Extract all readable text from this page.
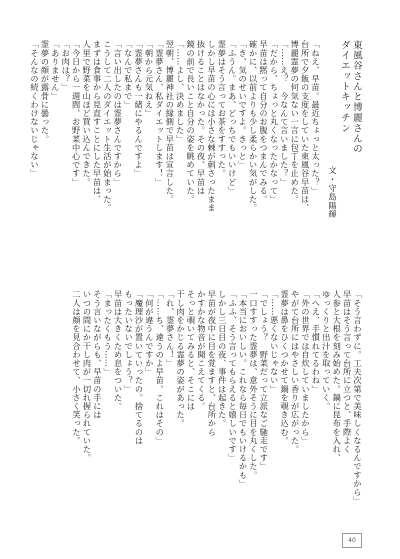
東風谷さんと博麗さんの
ダイエットキッチン
文・守島陽輝
「ねえ、早苗。最近ちょっと太った？」
台所で夕飯の支度をしていた東風谷早苗は、
博麗霊夢の何気ない一言に包丁を止めた。
「……え？　今なんて言いました？」
「だから、ちょっと丸くなったかなって」
早苗は黙って自分のお腹をつまんでみる。
確かに、以前よりも少し柔らかい気がした。
「き、気のせいですよ。きっと」
「ふうん。まあ、どっちでもいいけど」
霊夢はそう言ってお茶をすすった。
しかし早苗の心には小さな棘が刺さったまま
抜けることはなかった。その夜、早苗は
鏡の前で長いこと自分の姿を眺めていた。
「……よし、決めました」
翌朝、博麗神社の縁側で早苗は宣言した。
「霊夢さん、私ダイエットします！」
「朝から元気ねえ」
「霊夢さんも一緒にやるんですよ」
「なんで私まで」
「言い出したのは霊夢さんですから」
こうして二人のダイエット生活が始まった。
まずは食事から見直すことにした早苗は、
人里で野菜を山ほど買い込んできた。
「今日から一週間、お野菜中心です」
「お肉は？」
「ありません」
霊夢の顔が露骨に曇った。
「そんなの続くわけないじゃない」
「そう言わずに。工夫次第で美味しくなるんですから」
早苗はそう言って台所に立つと、手際よく
人参と大根を刻み始めた。鍋に昆布を入れ、
ゆっくりと出汁を取っていく。
「へえ、手慣れてるわね」
「外の世界では自炊していましたから」
やがて台所にはやさしい香りが広がった。
霊夢は鼻をひくつかせて鍋を覗き込む。
「……悪くないじゃない」
「でしょう？　野菜だって立派なご馳走です」
一口すすった霊夢は、意外そうに目を丸くした。
「本当においしい。これなら毎日でもいけるかも」
「ふふ、そう言ってもらえると嬉しいです」
しかし三日目の夜、事件は起きた。
早苗が夜中に目を覚ますと、台所から
かすかな物音が聞こえてくる。
そっと覗いてみると、そこには
干し肉をかじる霊夢の姿があった。
「れ、霊夢さん！」
「……ち、違うのよ早苗。これはその」
「何が違うんですか」
「魔理沙が置いていったの。捨てるのは
もったいないでしょう？」
早苗は大きくため息をついた。
「まったくもう……」
そう言いながらも、早苗の手には
いつの間にか干し肉が一切れ握られていた。
二人は顔を見合わせて、小さく笑った。
40
